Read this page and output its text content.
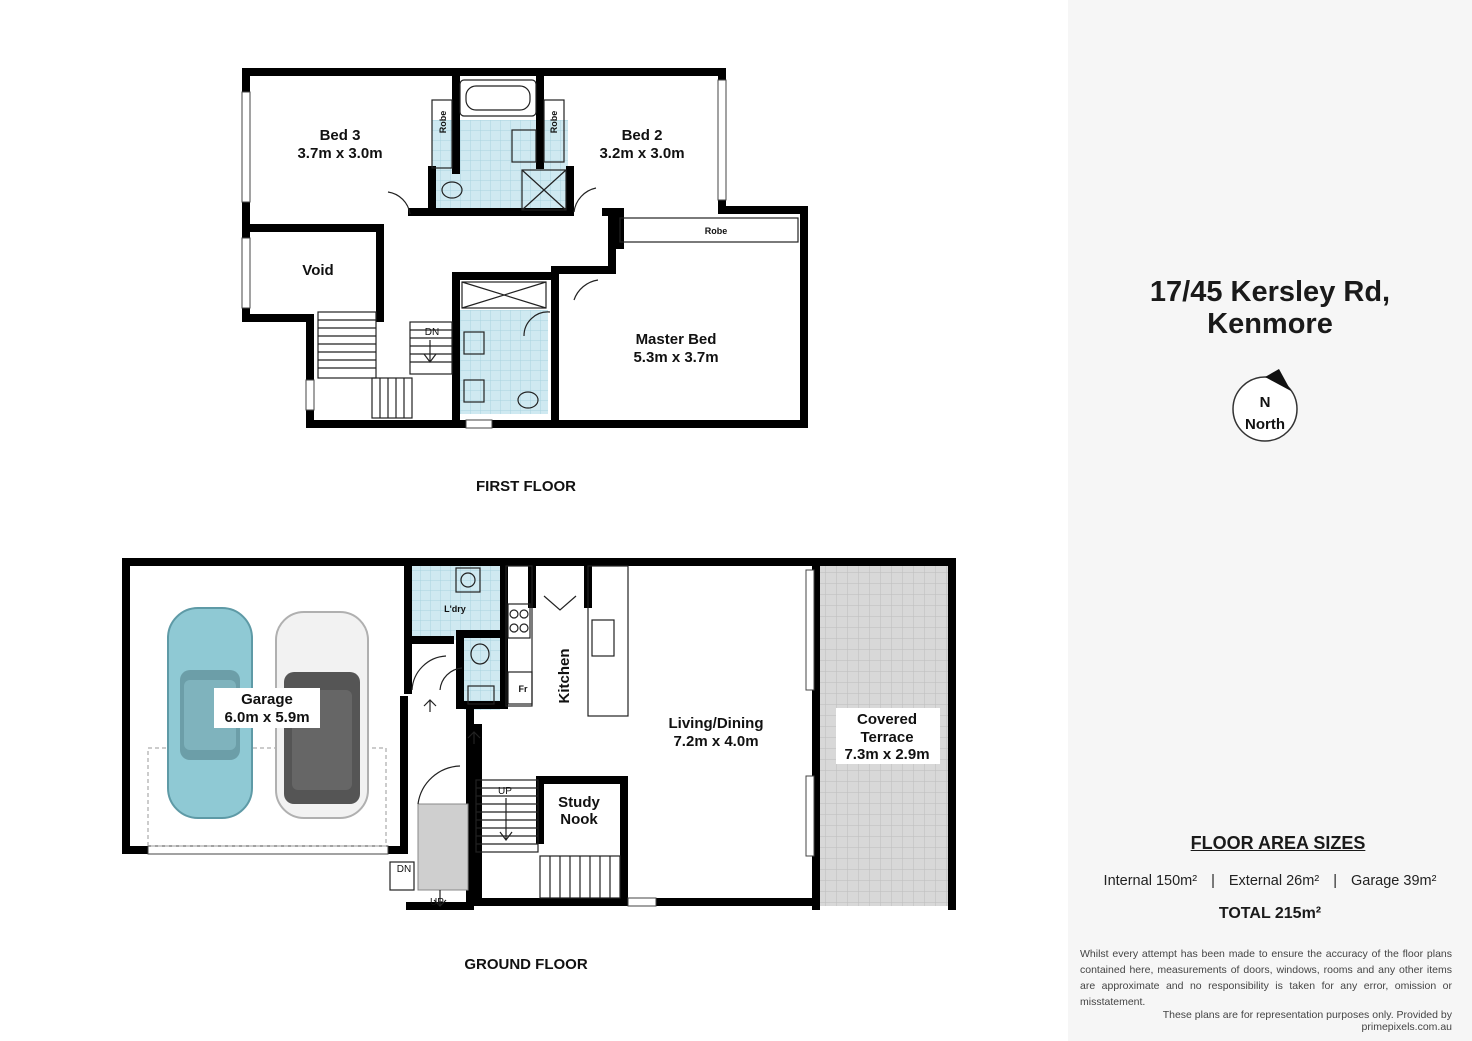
Bed 3
3.7m x 3.0m
Bed 2
3.2m x 3.0m
Master Bed
5.3m x 3.7m
Void
Robe	Robe
Robe
DN
FIRST FLOOR
Garage
6.0m x 5.9m	Living/Dining
7.2m x 4.0m
Covered
Terrace
7.3m x 2.9m
Study
Nook
L'dry
Kitchen
Fr
UP
DN
UP
GROUND FLOOR
17/45 Kersley Rd,
Kenmore
FLOOR AREA SIZES
Internal 150m² | External 26m² | Garage 39m²
TOTAL 215m²
Whilst every attempt has been made to ensure the accuracy of the floor plans contained here, measurements of doors, windows, rooms and any other items are approximate and no responsibility is taken for any error, omission or misstatement.
These plans are for representation purposes only. Provided by primepixels.com.au
N
North
